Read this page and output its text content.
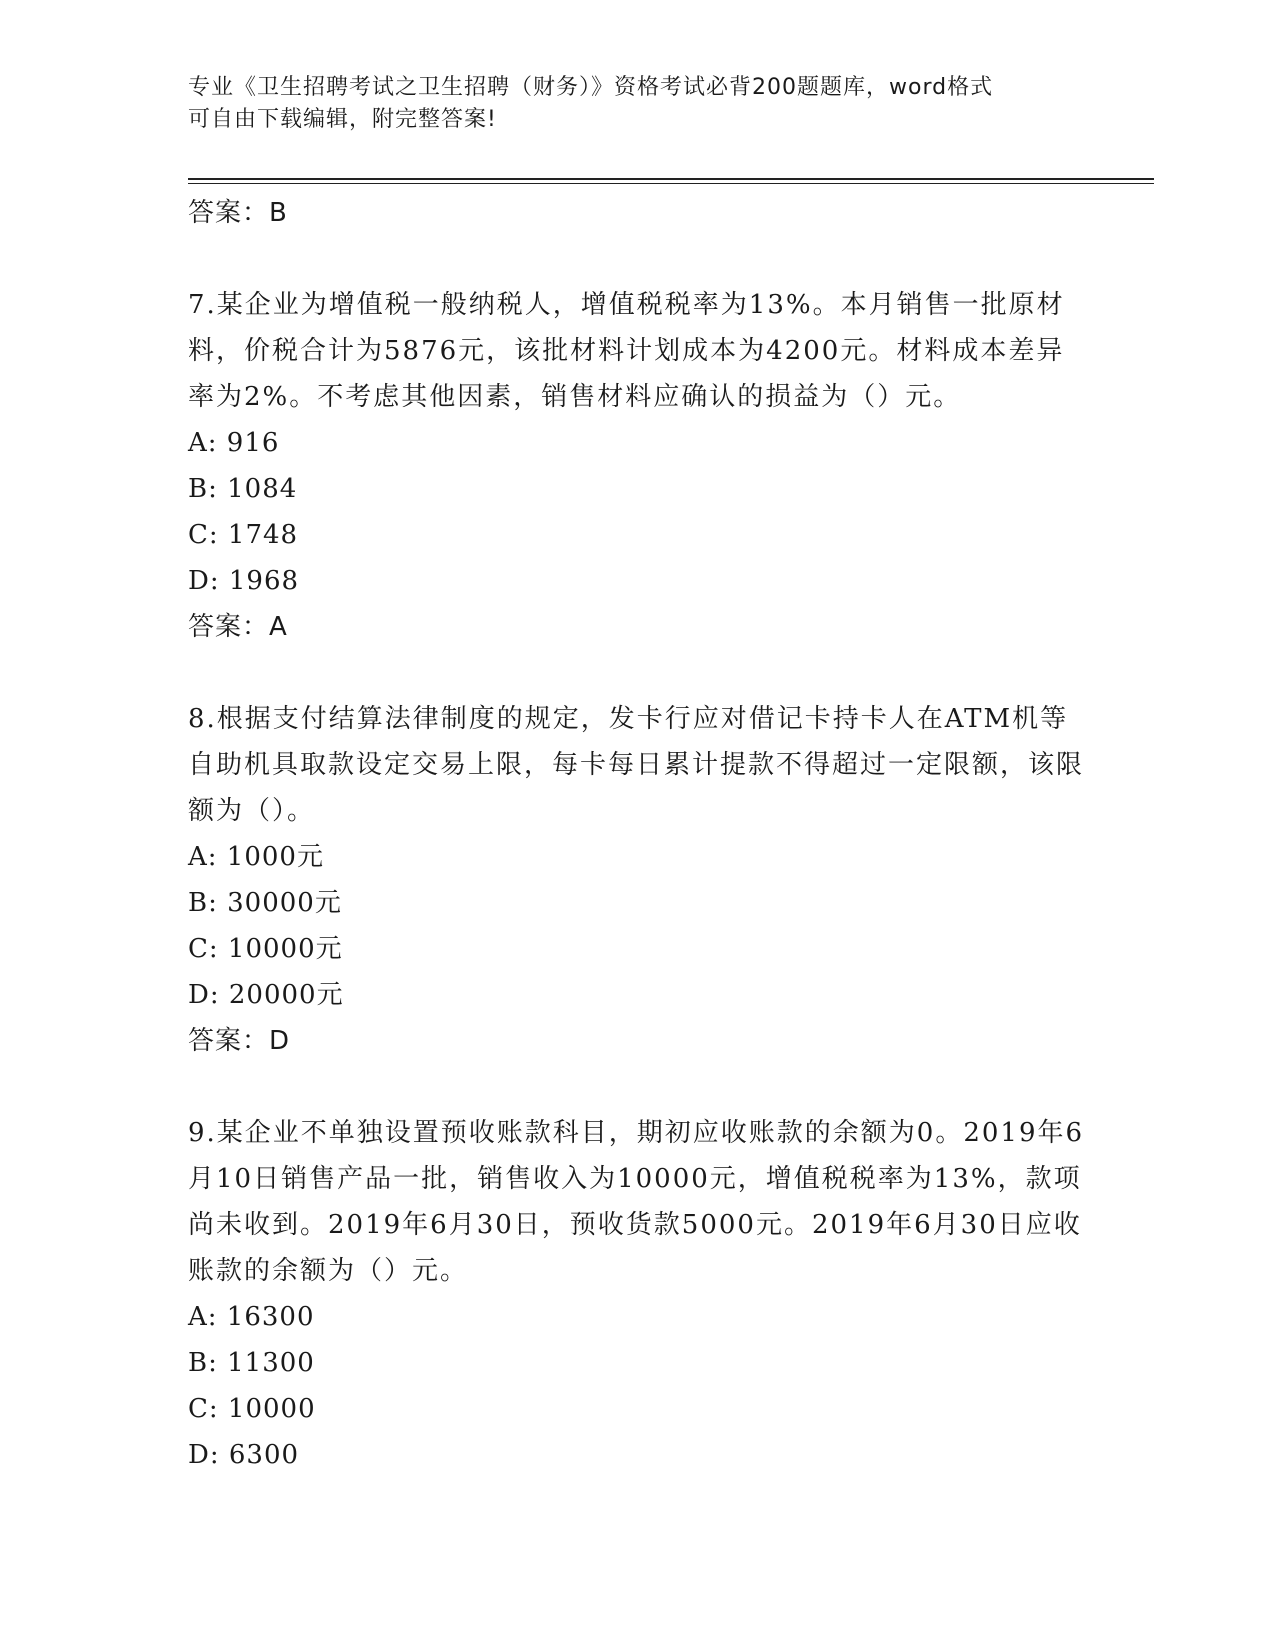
专业《卫生招聘考试之卫生招聘（财务）》资格考试必背200题题库，word格式
可自由下载编辑，附完整答案!
答案：B

7.某企业为增值税一般纳税人，增值税税率为13%。本月销售一批原材料，价税合计为5876元，该批材料计划成本为4200元。材料成本差异率为2%。不考虑其他因素，销售材料应确认的损益为（）元。

A: 916
B: 1084
C: 1748
D: 1968
答案：A

8.根据支付结算法律制度的规定，发卡行应对借记卡持卡人在ATM机等自助机具取款设定交易上限，每卡每日累计提款不得超过一定限额，该限额为（）。

A: 1000元
B: 30000元
C: 10000元
D: 20000元
答案：D

9.某企业不单独设置预收账款科目，期初应收账款的余额为0。2019年6月10日销售产品一批，销售收入为10000元，增值税税率为13%，款项尚未收到。2019年6月30日，预收货款5000元。2019年6月30日应收账款的余额为（）元。

A: 16300
B: 11300
C: 10000
D: 6300
